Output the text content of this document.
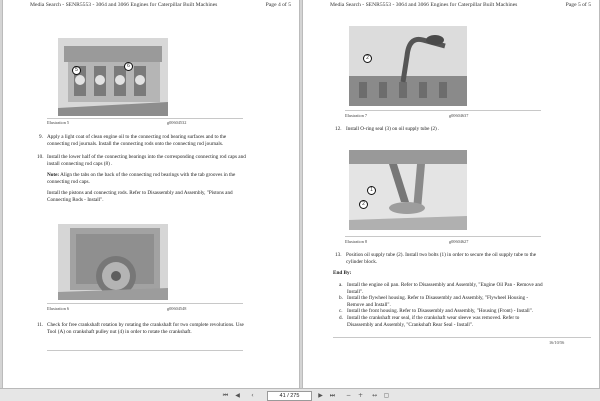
Media Search - SENR5553 - 3064 and 3066 Engines for Caterpillar Built Machines	Page 4 of 5
5
6
Illustration 5	g00604532
9. Apply a light coat of clean engine oil to the connecting rod bearing surfaces and to the
connecting rod journals. Install the connecting rods onto the connecting rod journals.
10. Install the lower half of the connecting bearings into the corresponding connecting rod caps and
install connecting rod caps (8) .
Note: Align the tabs on the back of the connecting rod bearings with the tab grooves in the
connecting rod caps.
Install the pistons and connecting rods. Refer to Disassembly and Assembly, "Pistons and
Connecting Rods - Install".
Illustration 6	g00604548
11. Check for free crankshaft rotation by rotating the crankshaft for two complete revolutions. Use
Tool (A) on crankshaft pulley nut (4) in order to rotate the crankshaft.
Media Search - SENR5553 - 3064 and 3066 Engines for Caterpillar Built Machines	Page 5 of 5
2
Illustration 7	g00604637
12. Install O-ring seal (3) on oil supply tube (2) .
1
2
Illustration 8	g00604627
13. Position oil supply tube (2). Install two bolts (1) in order to secure the oil supply tube to the
cylinder block.
End By:
a. Install the engine oil pan. Refer to Disassembly and Assembly, "Engine Oil Pan - Remove and
Install".
b. Install the flywheel housing. Refer to Disassembly and Assembly, "Flywheel Housing -
Remove and Install".
c. Install the front housing. Refer to Disassembly and Assembly, "Housing (Front) - Install".
d. Install the crankshaft rear seal, if the crankshaft wear sleeve was removed. Refer to
Disassembly and Assembly, "Crankshaft Rear Seal - Install".
16/10/56
⏮	◀	‹
41 / 275	▶	⏭	−	+	↔	▢
